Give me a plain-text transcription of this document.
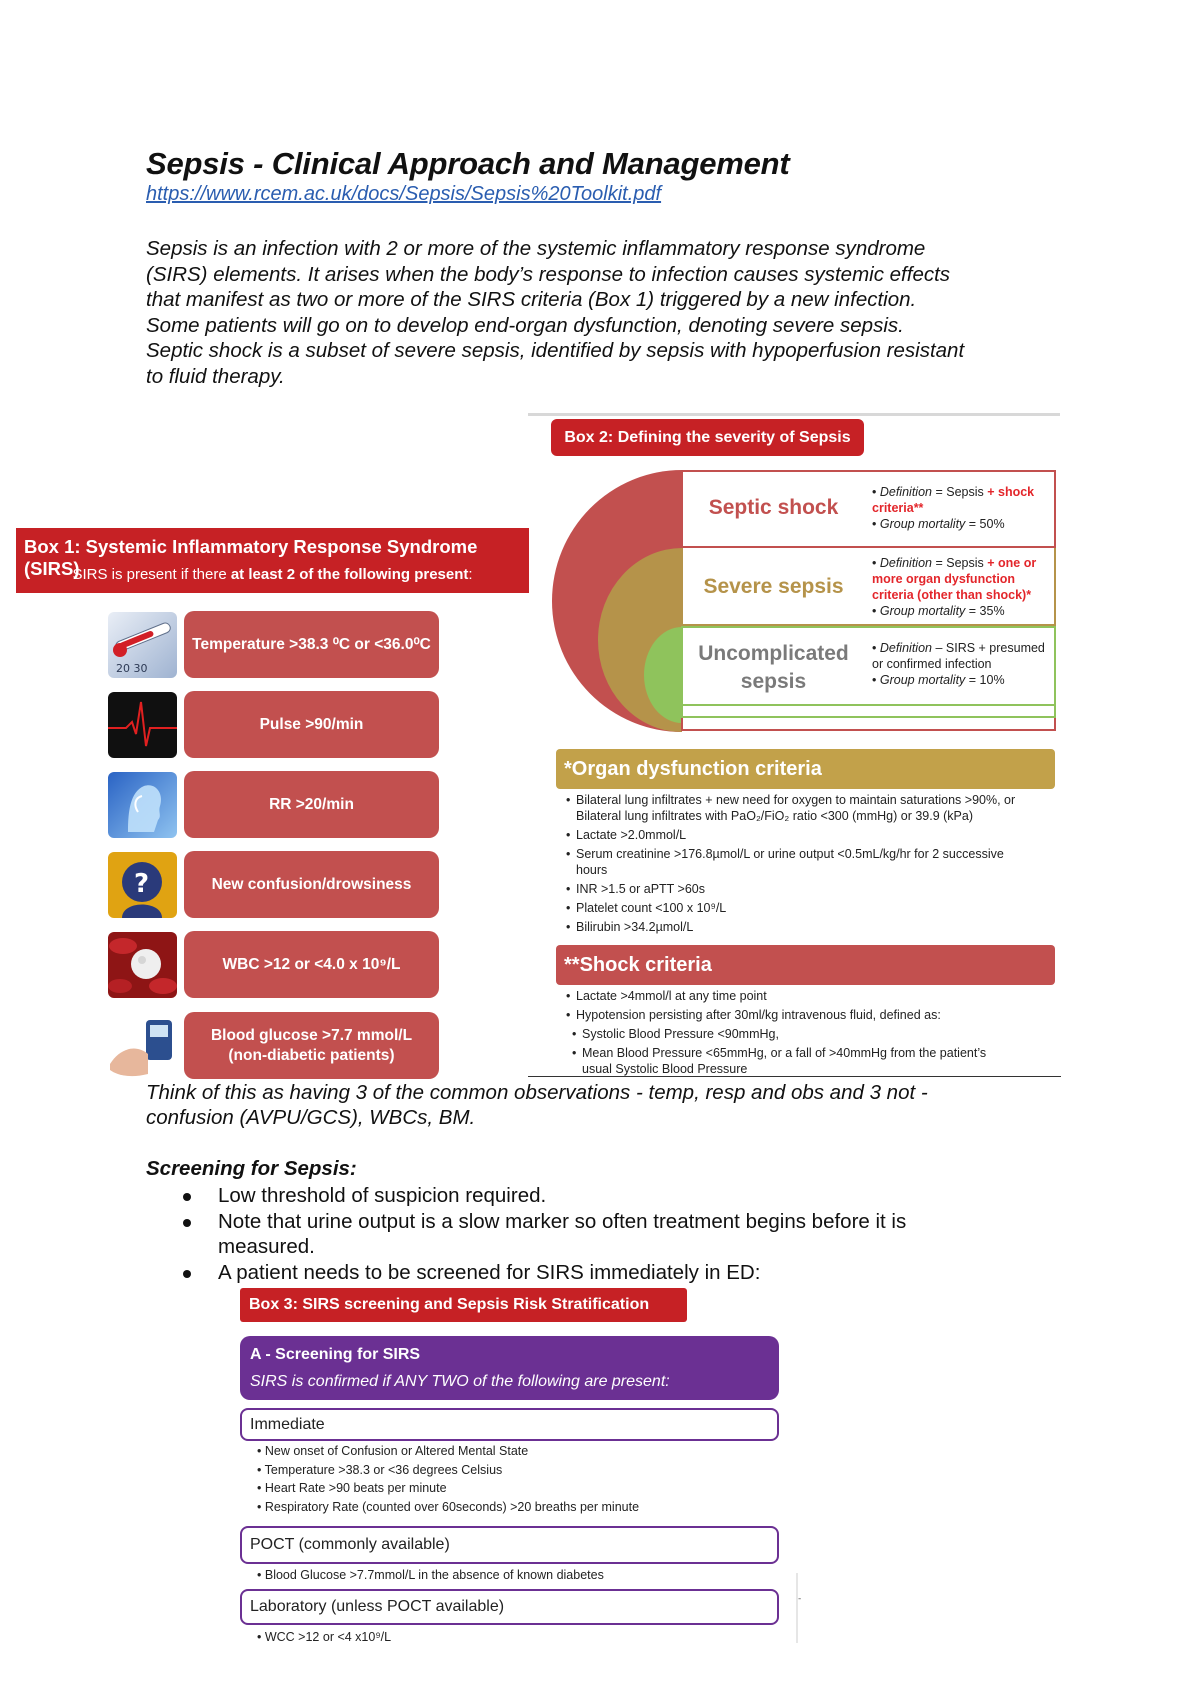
Sepsis - Clinical Approach and Management
https://www.rcem.ac.uk/docs/Sepsis/Sepsis%20Toolkit.pdf

Sepsis is an infection with 2 or more of the systemic inflammatory response syndrome

(SIRS) elements. It arises when the body’s response to infection causes systemic effects

that manifest as two or more of the SIRS criteria (Box 1) triggered by a new infection.

Some patients will go on to develop end-organ dysfunction, denoting severe sepsis.

Septic shock is a subset of severe sepsis, identified by sepsis with hypoperfusion resistant

to fluid therapy.

Box 1: Systemic Inflammatory Response Syndrome (SIRS)
SIRS is present if there at least 2 of the following present:
20 30
?
Temperature >38.3 ⁰C or <36.0⁰C
Pulse >90/min
RR >20/min
New confusion/drowsiness
WBC >12 or <4.0 x 10⁹/L
Blood glucose >7.7 mmol/L (non-diabetic patients)
Box 2: Defining the severity of Sepsis
Septic shock
Severe sepsis
Uncomplicated sepsis
• Definition = Sepsis + shock criteria**
• Group mortality = 50%
• Definition = Sepsis + one or more organ dysfunction criteria (other than shock)*
• Group mortality = 35%
• Definition – SIRS + presumed or confirmed infection
• Group mortality = 10%
*Organ dysfunction criteria
• Bilateral lung infiltrates + new need for oxygen to maintain saturations >90%, or
Bilateral lung infiltrates with PaO₂/FiO₂ ratio <300 (mmHg) or 39.9 (kPa)
• Lactate >2.0mmol/L
• Serum creatinine >176.8µmol/L or urine output <0.5mL/kg/hr for 2 successive
hours
• INR >1.5 or aPTT >60s
• Platelet count <100 x 10⁹/L
• Bilirubin >34.2µmol/L
**Shock criteria
• Lactate >4mmol/l at any time point
• Hypotension persisting after 30ml/kg intravenous fluid, defined as:
• Systolic Blood Pressure <90mmHg,
• Mean Blood Pressure <65mmHg, or a fall of >40mmHg from the patient’s
usual Systolic Blood Pressure
Think of this as having 3 of the common observations - temp, resp and obs and 3 not -
confusion (AVPU/GCS), WBCs, BM.
Screening for Sepsis:
Low threshold of suspicion required.
Note that urine output is a slow marker so often treatment begins before it is measured.
A patient needs to be screened for SIRS immediately in ED:
Box 3: SIRS screening and Sepsis Risk Stratification
A - Screening for SIRS
SIRS is confirmed if ANY TWO of the following are present:
Immediate
• New onset of Confusion or Altered Mental State
• Temperature >38.3 or <36 degrees Celsius
• Heart Rate >90 beats per minute
• Respiratory Rate (counted over 60seconds) >20 breaths per minute
POCT (commonly available)
• Blood Glucose >7.7mmol/L in the absence of known diabetes
Laboratory (unless POCT available)
• WCC >12 or <4 x10⁹/L
-
